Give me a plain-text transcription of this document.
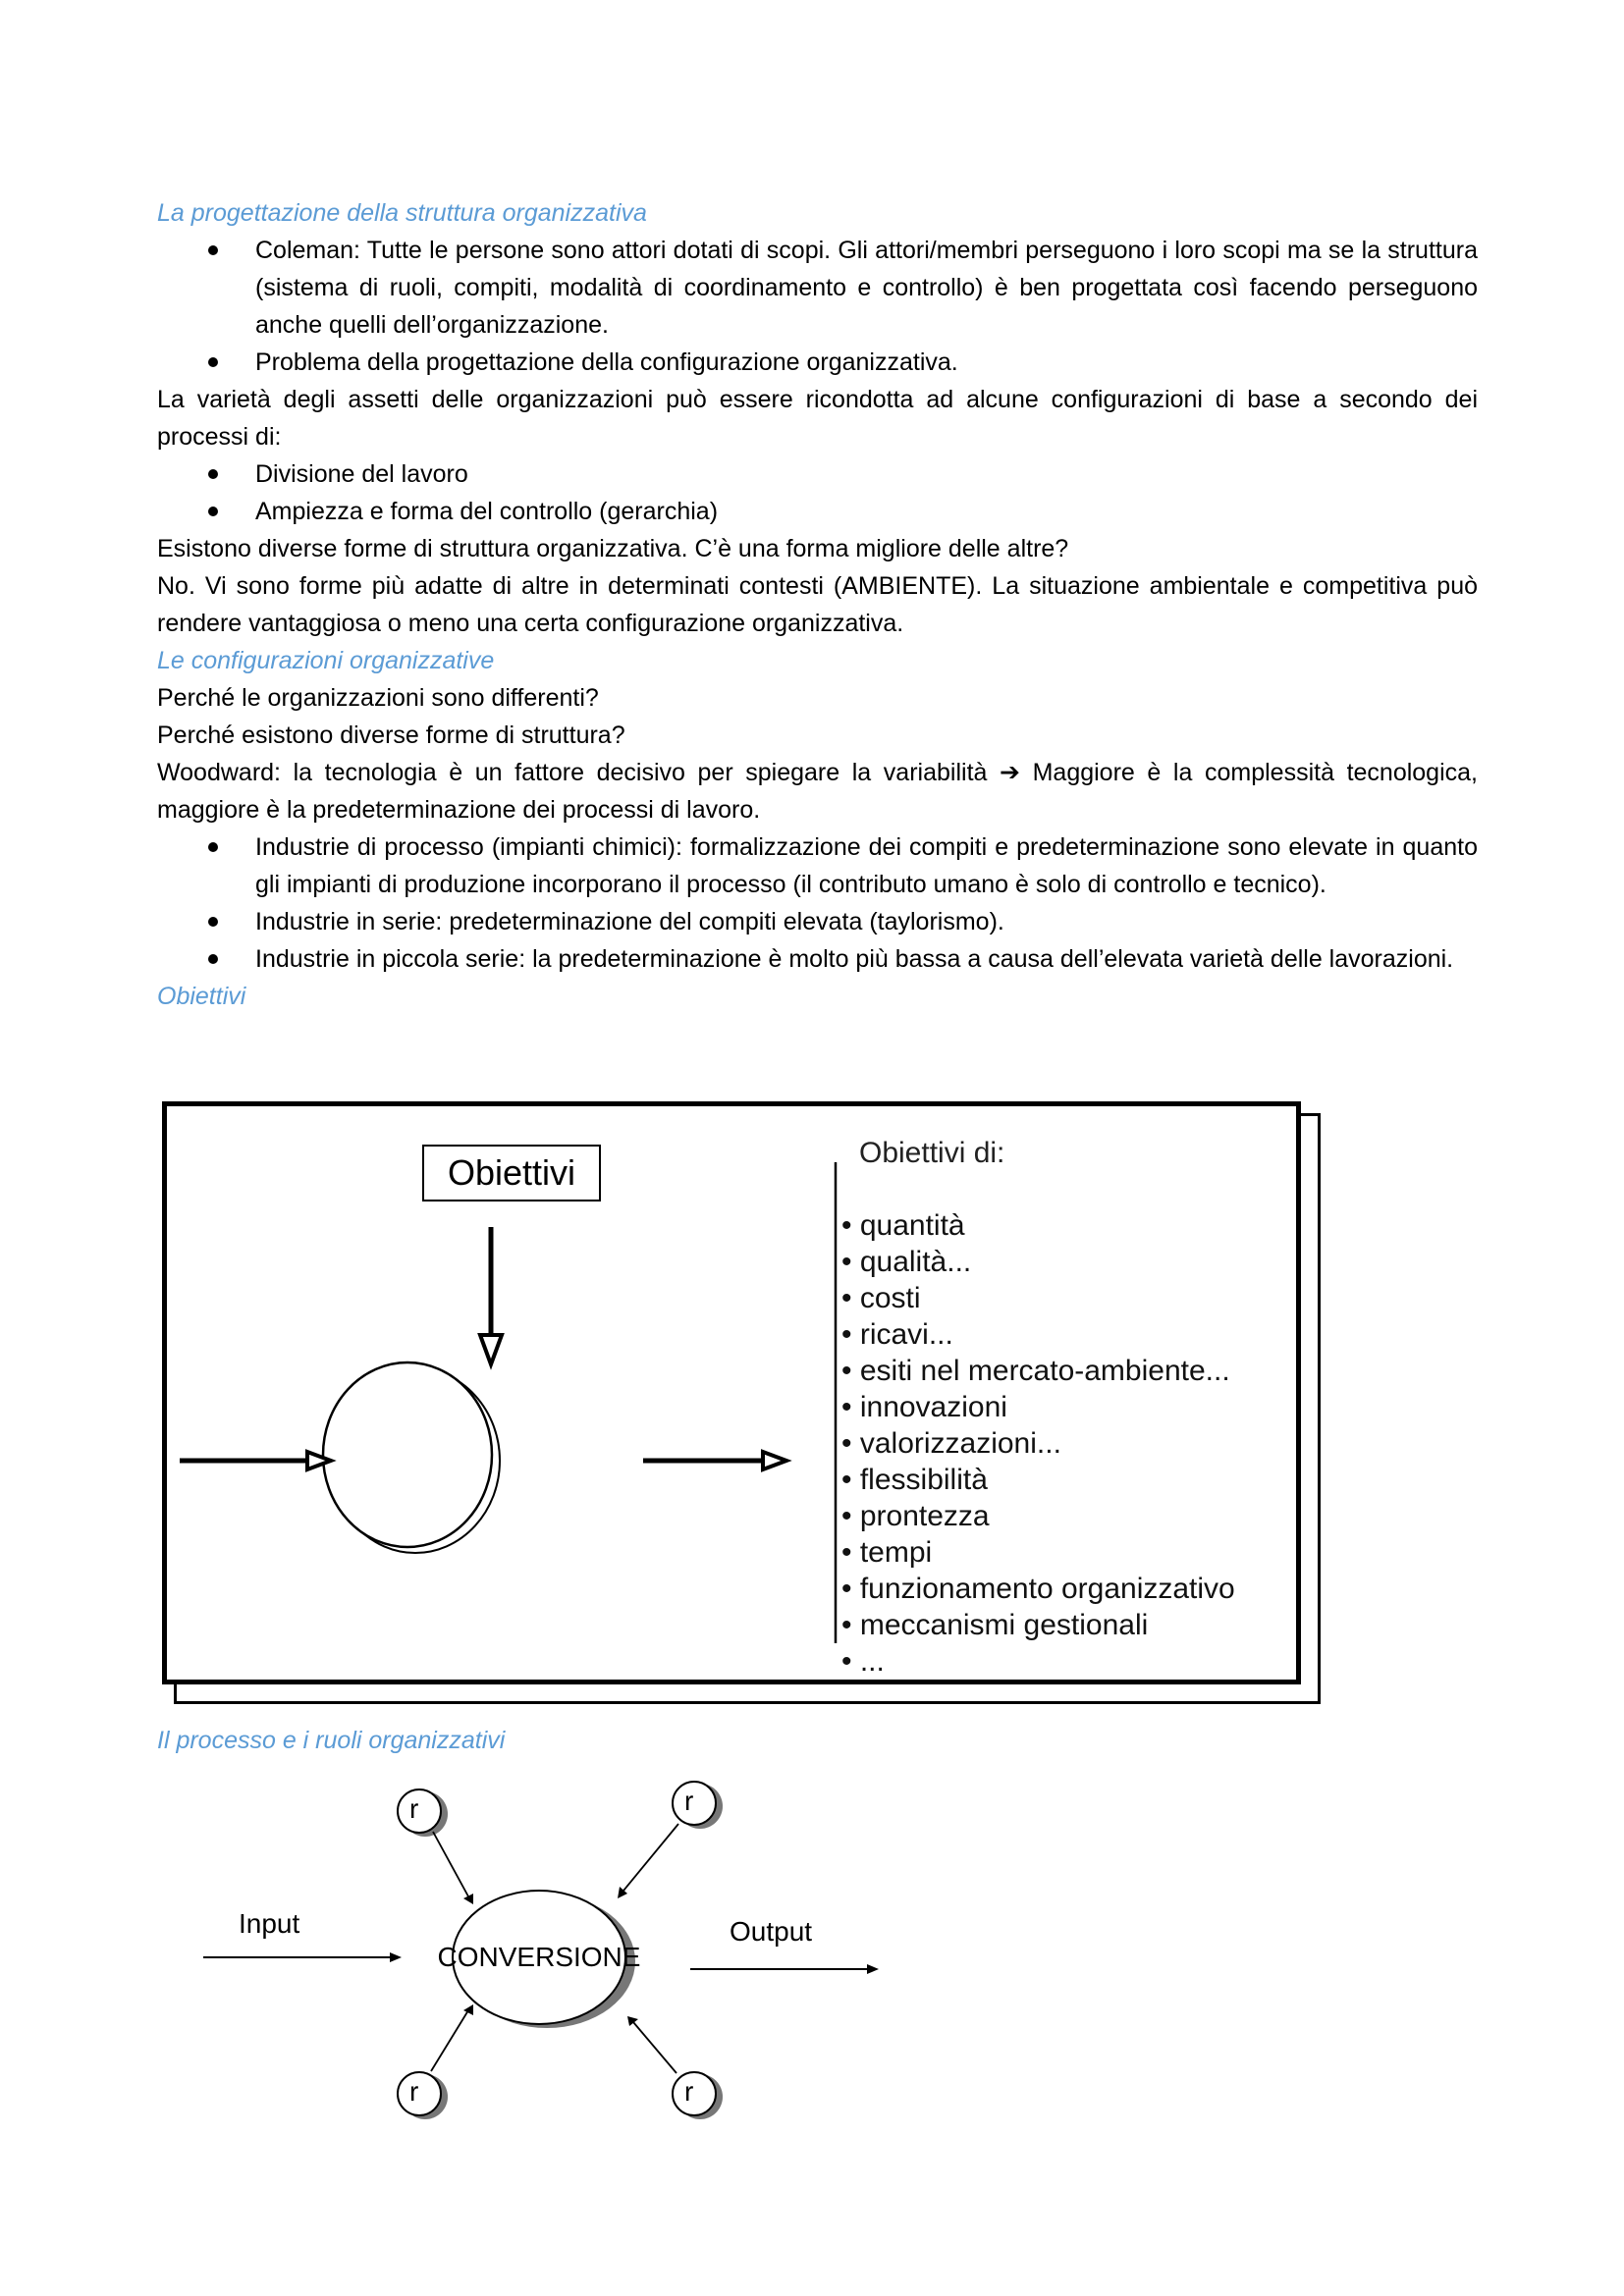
La progettazione della struttura organizzativa

Coleman: Tutte le persone sono attori dotati di scopi. Gli attori/membri perseguono i loro scopi ma se la struttura (sistema di ruoli, compiti, modalità di coordinamento e controllo) è ben progettata così facendo perseguono anche quelli dell’organizzazione.
Problema della progettazione della configurazione organizzativa.

La varietà degli assetti delle organizzazioni può essere ricondotta ad alcune configurazioni di base a secondo dei processi di:

Divisione del lavoro
Ampiezza e forma del controllo (gerarchia)

Esistono diverse forme di struttura organizzativa. C’è una forma migliore delle altre?

No. Vi sono forme più adatte di altre in determinati contesti (AMBIENTE). La situazione ambientale e competitiva può rendere vantaggiosa o meno una certa configurazione organizzativa.

Le configurazioni organizzative

Perché le organizzazioni sono differenti?

Perché esistono diverse forme di struttura?

Woodward: la tecnologia è un fattore decisivo per spiegare la variabilità ➔ Maggiore è la complessità tecnologica, maggiore è la predeterminazione dei processi di lavoro.

Industrie di processo (impianti chimici): formalizzazione dei compiti e predeterminazione sono elevate in quanto gli impianti di produzione incorporano il processo (il contributo umano è solo di controllo e tecnico).
Industrie in serie: predeterminazione del compiti elevata (taylorismo).
Industrie in piccola serie: la predeterminazione è molto più bassa a causa dell’elevata varietà delle lavorazioni.

Obiettivi

Obiettivi	Obiettivi di:
• quantità
• qualità...
• costi
• ricavi...
• esiti nel mercato-ambiente...
• innovazioni
• valorizzazioni...
• flessibilità
• prontezza
• tempi
• funzionamento organizzativo
• meccanismi gestionali
• ...

Il processo e i ruoli organizzativi

Input	Output
CONVERSIONE
r	r
r	r
